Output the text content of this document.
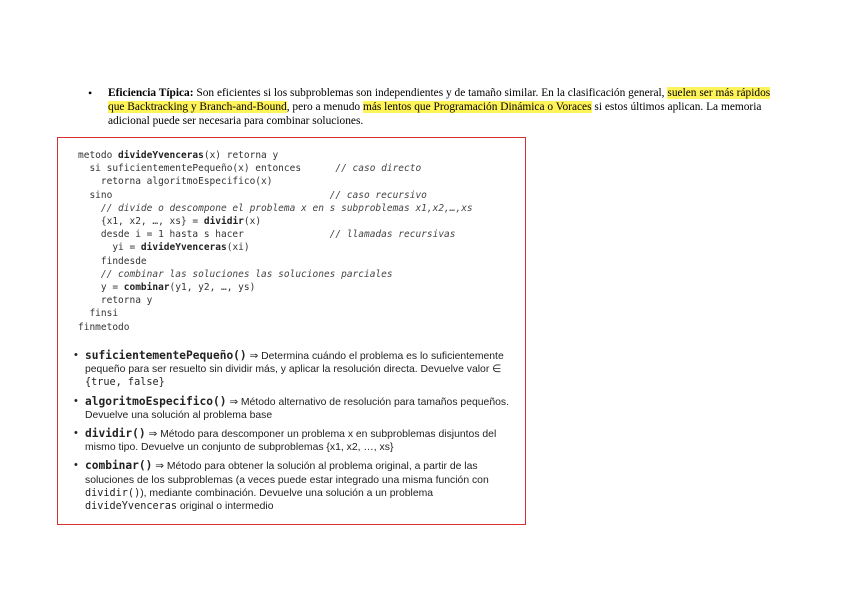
• Eficiencia Típica: Son eficientes si los subproblemas son independientes y de tamaño similar. En la clasificación general, suelen ser más rápidos que Backtracking y Branch-and-Bound, pero a menudo más lentos que Programación Dinámica o Voraces si estos últimos aplican. La memoria adicional puede ser necesaria para combinar soluciones.
metodo divideYvenceras(x) retorna y
si suficientementePequeño(x) entonces      // caso directo
retorna algoritmoEspecifico(x)
sino                                      // caso recursivo
// divide o descompone el problema x en s subproblemas x1,x2,…,xs
{x1, x2, …, xs} = dividir(x)
desde i = 1 hasta s hacer               // llamadas recursivas
yi = divideYvenceras(xi)
findesde
// combinar las soluciones las soluciones parciales
y = combinar(y1, y2, …, ys)
retorna y
finsi
finmetodo
• suficientementePequeño() ⇒ Determina cuándo el problema es lo suficientemente pequeño para ser resuelto sin dividir más, y aplicar la resolución directa. Devuelve valor ∈ {true, false}
• algoritmoEspecifico() ⇒ Método alternativo de resolución para tamaños pequeños. Devuelve una solución al problema base
• dividir() ⇒ Método para descomponer un problema x en subproblemas disjuntos del mismo tipo. Devuelve un conjunto de subproblemas {x1, x2, …, xs}
• combinar() ⇒ Método para obtener la solución al problema original, a partir de las soluciones de los subproblemas (a veces puede estar integrado una misma función con dividir()), mediante combinación. Devuelve una solución a un problema divideYvenceras original o intermedio
